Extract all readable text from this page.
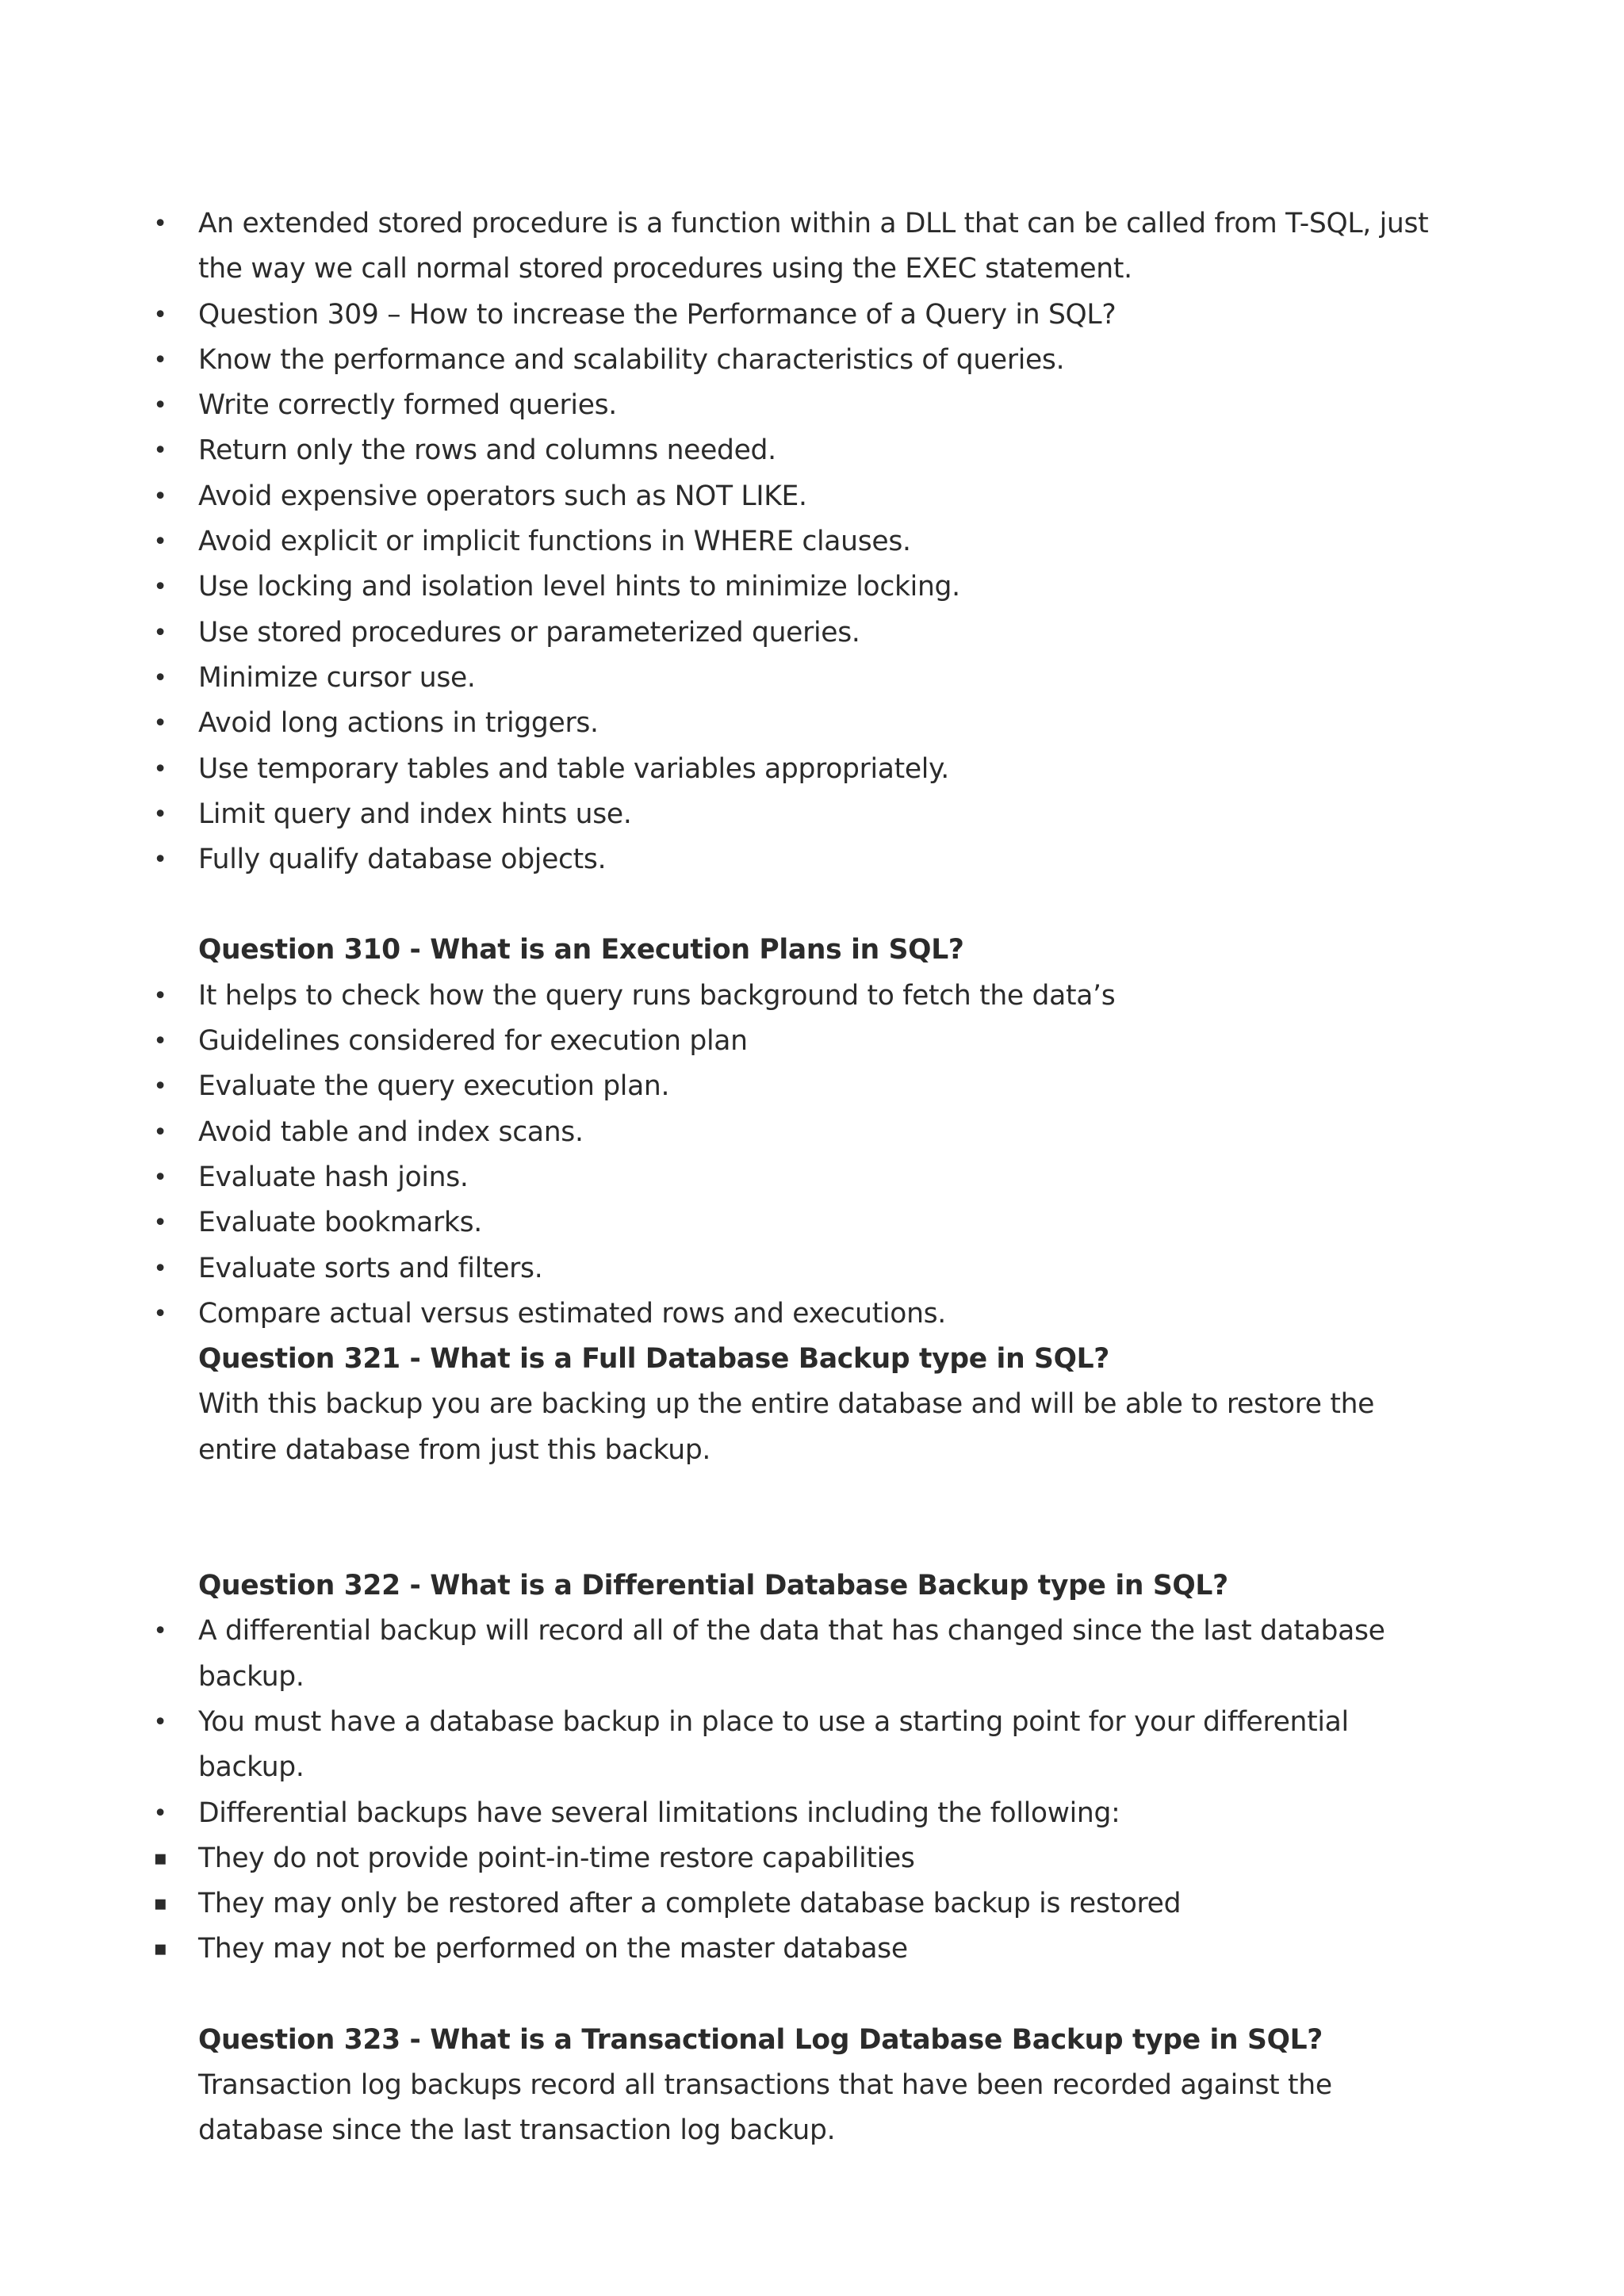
• An extended stored procedure is a function within a DLL that can be called from T-SQL, just the way we call normal stored procedures using the EXEC statement.
• Question 309 – How to increase the Performance of a Query in SQL?
• Know the performance and scalability characteristics of queries.
• Write correctly formed queries.
• Return only the rows and columns needed.
• Avoid expensive operators such as NOT LIKE.
• Avoid explicit or implicit functions in WHERE clauses.
• Use locking and isolation level hints to minimize locking.
• Use stored procedures or parameterized queries.
• Minimize cursor use.
• Avoid long actions in triggers.
• Use temporary tables and table variables appropriately.
• Limit query and index hints use.
• Fully qualify database objects.
Question 310 - What is an Execution Plans in SQL?
• It helps to check how the query runs background to fetch the data’s
• Guidelines considered for execution plan
• Evaluate the query execution plan.
• Avoid table and index scans.
• Evaluate hash joins.
• Evaluate bookmarks.
• Evaluate sorts and filters.
• Compare actual versus estimated rows and executions.
Question 321 - What is a Full Database Backup type in SQL?
With this backup you are backing up the entire database and will be able to restore the entire database from just this backup.
Question 322 - What is a Differential Database Backup type in SQL?
• A differential backup will record all of the data that has changed since the last database backup.
• You must have a database backup in place to use a starting point for your differential backup.
• Differential backups have several limitations including the following:
▪ They do not provide point-in-time restore capabilities
▪ They may only be restored after a complete database backup is restored
▪ They may not be performed on the master database
Question 323 - What is a Transactional Log Database Backup type in SQL?
Transaction log backups record all transactions that have been recorded against the database since the last transaction log backup.
